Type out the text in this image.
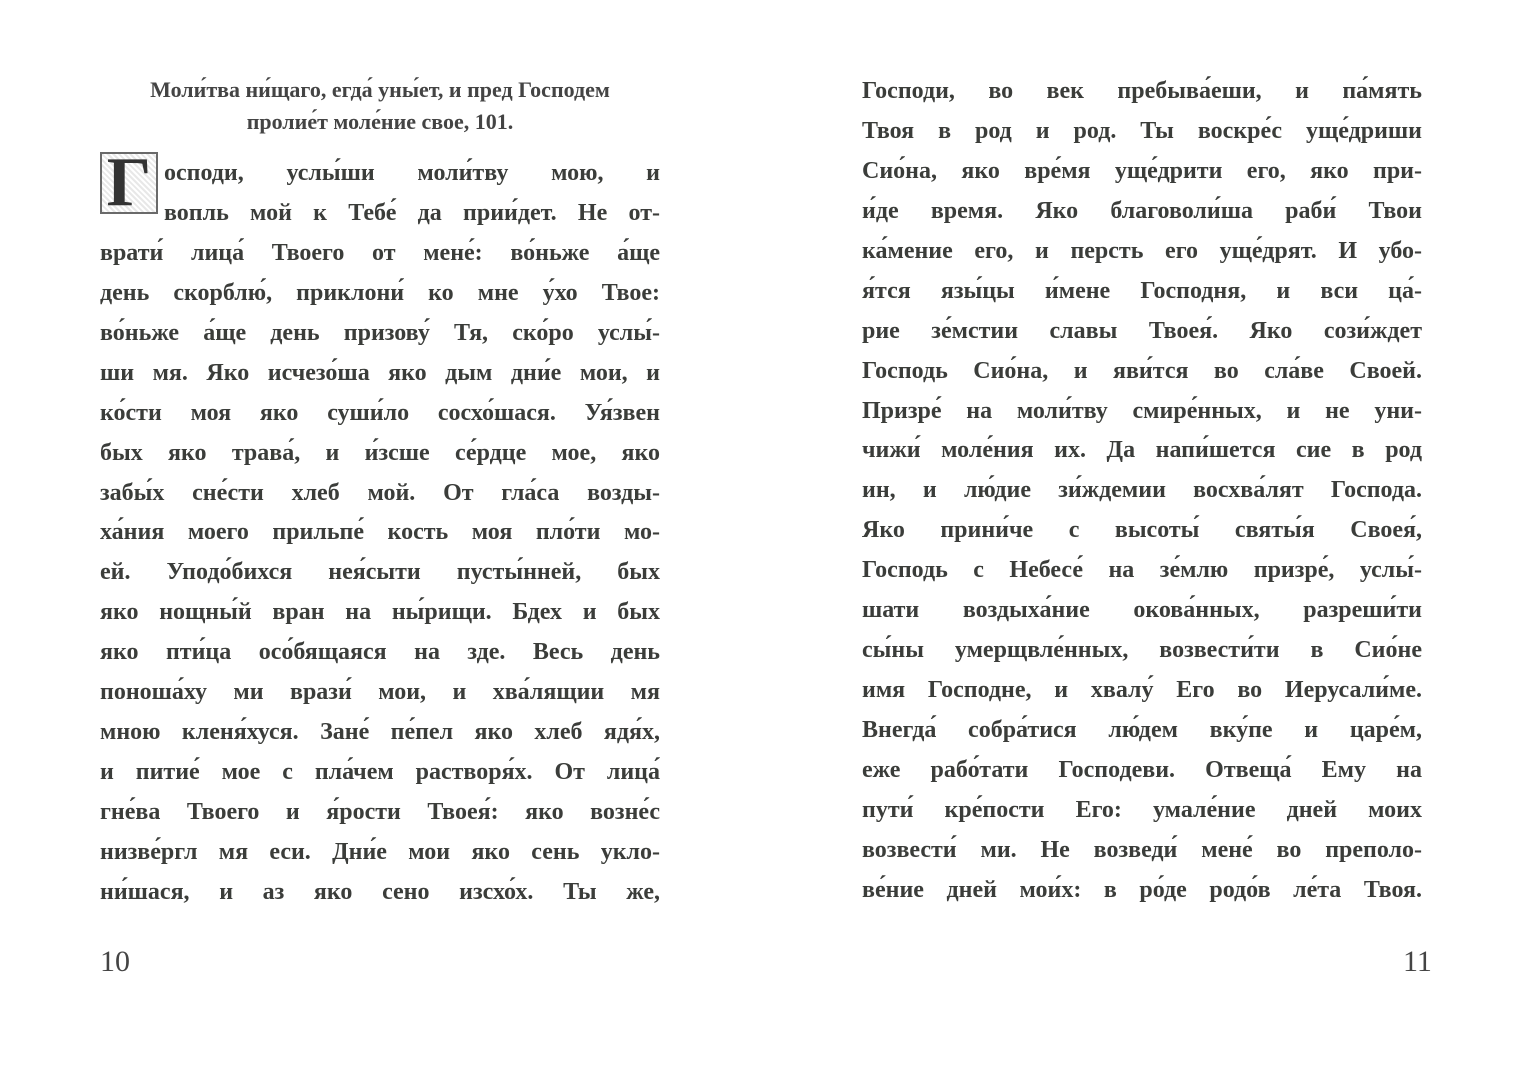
Моли́тва ни́щаго, егда́ уны́ет, и пред Господем
пролие́т моле́ние свое, 101.
Г осподи, услы́ши моли́тву мою, и
вопль мой к Тебе́ да прии́дет. Не от-
врати́ лица́ Твоего от мене́: во́ньже а́ще
день скорблю́, приклони́ ко мне у́хо Твое:
во́ньже а́ще день призову́ Тя, ско́ро услы́-
ши мя. Яко исчезо́ша яко дым дни́е мои, и
ко́сти моя яко суши́ло сосхо́шася. Уя́звен
бых яко трава́, и и́зсше се́рдце мое, яко
забы́х сне́сти хлеб мой. От гла́са возды-
ха́ния моего прильпе́ кость моя пло́ти мо-
ей. Уподо́бихся нея́сыти пусты́нней, бых
яко нощны́й вран на ны́рищи. Бдех и бых
яко пти́ца осо́бящаяся на зде. Весь день
поноша́ху ми врази́ мои, и хва́лящии мя
мною кленя́хуся. Зане́ пе́пел яко хлеб ядя́х,
и питие́ мое с пла́чем растворя́х. От лица́
гне́ва Твоего и я́рости Твоея́: яко возне́с
низве́ргл мя еси. Дни́е мои яко сень укло-
ни́шася, и аз яко сено изсхо́х. Ты же,
10
Господи, во век пребыва́еши, и па́мять
Твоя в род и род. Ты воскре́с уще́дриши
Сио́на, яко вре́мя уще́дрити его, яко при-
и́де время. Яко благоволи́ша раби́ Твои
ка́мение его, и персть его уще́дрят. И убо-
я́тся язы́цы и́мене Господня, и вси ца́-
рие зе́мстии славы Твоея́. Яко сози́ждет
Господь Сио́на, и яви́тся во сла́ве Своей.
Призре́ на моли́тву смире́нных, и не уни-
чижи́ моле́ния их. Да напи́шется сие в род
ин, и лю́дие зи́ждемии восхва́лят Господа.
Яко прини́че с высоты́ святы́я Своея́,
Господь с Небесе́ на зе́млю призре́, услы́-
шати воздыха́ние окова́нных, разреши́ти
сы́ны умерщвле́нных, возвести́ти в Сио́не
имя Господне, и хвалу́ Его во Иерусали́ме.
Внегда́ собра́тися лю́дем вку́пе и царе́м,
еже рабо́тати Господеви. Отвеща́ Ему на
пути́ кре́пости Его: умале́ние дней моих
возвести́ ми. Не возведи́ мене́ во преполо-
ве́ние дней мои́х: в ро́де родо́в ле́та Твоя.
11
